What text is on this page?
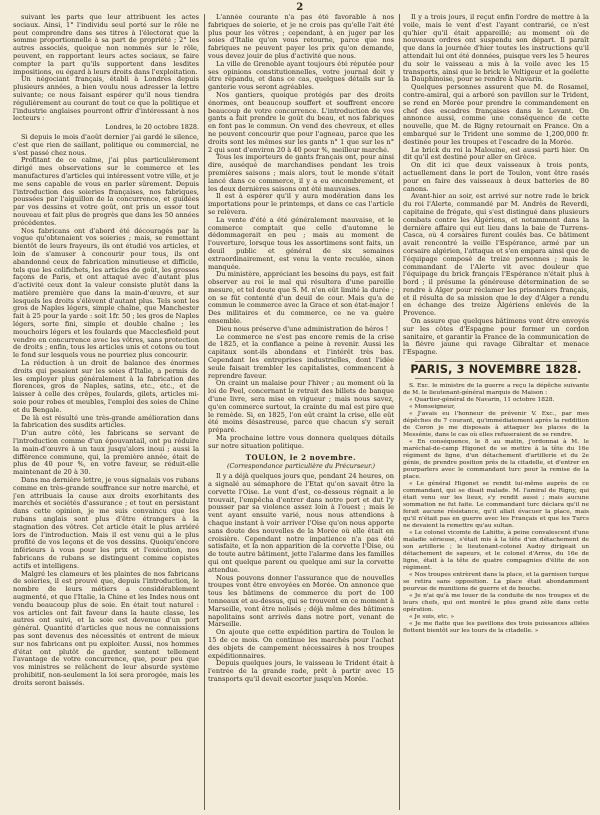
2

suivant les parts que leur attribuent les actes sociaux. Ainsi, 1° l'individu seul porté sur le rôle ne peut comprendre dans ses titres à l'électorat que la somme proportionnelle à sa part de propriété ; 2° les autres associés, quoique non nommés sur le rôle, peuvent, en rapportant leurs actes sociaux, se faire compter la part qu'ils supportent dans lesdites impositions, ou égard à leurs droits dans l'exploitation.

Un négociant français, établi à Londres depuis plusieurs années, a bien voulu nous adresser la lettre suivante; ce nous faisant espérer qu'il nous tiendra régulièrement au courant de tout ce que la politique et l'industrie anglaises pourront offrir d'intéressant à nos lecteurs :

Londres, le 20 octobre 1828.

Si depuis le mois d'août dernier j'ai gardé le silence, c'est que rien de saillant, politique ou commercial, ne s'est passé chez nous.

Profitant de ce calme, j'ai plus particulièrement dirigé mes observations sur le commerce et les manufactures d'articles qui intéressent votre ville, et je me sens capable de vous en parler sûrement. Depuis l'introduction des soieries françaises, nos fabriques, poussées par l'aiguillon de la concurrence, et guidées par vos dessins et votre goût, ont pris un essor tout nouveau et fait plus de progrès que dans les 50 années précédentes.

Nos fabricans ont d'abord été découragés par la vogue qu'obtenaient vos soieries ; mais, se remettant bientôt de leurs frayeurs, ils ont étudié vos articles, et loin de s'amuser à concourir pour tous, ils ont abandonné ceux de fabrication minutieuse et difficile, tels que les colifichets, les articles de goût, les grosses façons de Paris, et ont attaqué avec d'autant plus d'activité ceux dont la valeur consiste plutôt dans la matière première que dans la main-d'œuvre, et sur lesquels les droits s'élèvent d'autant plus. Tels sont les gros de Naples légers, simple chaîne, que Manchester fait à 25 pour la yarde : soit 1fr. 50 ; les gros de Naples légers, sorte fini, simple et double chaîne ; les mouchoirs légers et les foulards que Macclesfield peut vendre en concurrence avec les vôtres, sans protection de droits ; enfin, tous les articles unis et cotons ou tout le fond sur lesquels vous ne pourriez plus concourir.

La réduction à un droit de balance des énormes droits qui pesaient sur les soies d'Italie, a permis de les employer plus généralement à la fabrication des florences, gros de Naples, satins, etc., etc., et de laisser à celle des crêpes, foulards, gilets, articles mi-soie pour robes et meubles, l'emploi des soies de Chine et du Bengale.

De là est résulté une très-grande amélioration dans la fabrication des susdits articles.

D'un autre côté, les fabricans se servant de l'introduction comme d'un épouvantail, ont pu réduire la main-d'œuvre à un taux jusqu'alors inoui ; aussi la différence commune, qui, la première année, était de plus de 40 pour %, en votre faveur, se réduit-elle maintenant de 20 à 30.

Dans ma dernière lettre, je vous signalais vos rubans comme en très-grande souffrance sur notre marché, et j'en attribuais la cause aux droits exorbitants des marchés et sociétés d'assurance ; et tout en persistant dans cette opinion, je me suis convaincu que les rubans anglais sont plus d'être étrangers à la stagnation des vôtres. Cet article était le plus arriéré lors de l'introduction. Mais il est venu qui a le plus profité de vos leçons et de vos dessins. Quoiqu'encore inférieurs à vous pour les prix et l'exécution, nos fabricans de rubans se distinguent comme copistes actifs et intelligens.

Malgré les clameurs et les plaintes de nos fabricans de soieries, il est prouvé que, depuis l'introduction, le nombre de leurs métiers a considérablement augmenté, et que l'Italie, la Chine et les Indes nous ont vendu beaucoup plus de soie. En était tout naturel : vos articles ont fait faveur dans la haute classe, les autres ont suivi, et la soie est devenue d'un port général. Quantité d'articles que nous ne connaissions pas sont devenus des nécessités et entrent de mieux sur nos fabricans ont pu exploiter. Aussi, nos hommes d'état ont plutôt de garder, sentent tellement l'avantage de votre concurrence, que, pour peu que vos ministres se relâchent de leur absurde système prohibitif, non-seulement la loi sera prorogée, mais les droits seront baissés.

L'année courante n'a pas été favorable à nos fabriques de soierie, et je ne crois pas qu'elle l'ait été plus pour les vôtres ; cependant, à en juger par les soies d'Italie qu'on vous retourne, parce que nos fabriques ne peuvent payer les prix qu'on demande, vous devez jouir de plus d'activité que nous.

La ville de Grenoble ayant toujours été réputée pour ses opinions constitutionnelles, votre journal doit y être répandu, et dans ce cas, quelques détails sur la ganterie vous seront agréables.

Nos gantiers, quoique protégés par des droits énormes, ont beaucoup souffert et souffrent encore beaucoup de votre concurrence. L'introduction de vos gants a fait prendre le goût du beau, et nos fabriques en font pas le commun. On vend des chevreux, et elles ne peuvent concourir que pour l'agneau, parce que les droits sont les mêmes sur les gants n° 1 que sur les n° 2 qui sont d'environ 20 à 40 pour %, meilleur marché.

Tous les importeurs de gants français ont, pour ainsi dire, auséqué de marchandises pendant les trois premières saisons ; mais alors, tout le monde s'était lancé dans ce commerce, il y a eu encombrement, et les deux dernières saisons ont été mauvaises.

Il est à espérer qu'il y aura modération dans les importations pour le printemps, et dans ce cas l'article se relèvera.

La vente d'été a été généralement mauvaise, et le commerce comptait que celle d'automne le dédommagerait en peu ; mais au moment de l'ouverture, lorsque tous les assortimens sont faits, un deuil public et général de six semaines extraordinairement, est venu la vente reculée, sinon manquée.

Du ministère, appréciant les besoins du pays, est fait observer au roi le mal qui résultera d'une pareille mesure, et tel doute que S. M. n'en eût limité la durée ; on se fût contenté d'un deuil de cour. Mais qu'a de commun le commerce avec la Grace et son état-major ! Des militaires et du commerce, ce ne va guère ensemble.

Dieu nous préserve d'une administration de héros !

Le commerce ne s'est pas encore remis de la crise de 1825, et la confiance a peine à revenir. Aussi les capitaux sont-ils abondans et l'intérêt très bas. Cependant les entreprises industrielles, dont l'idée seule faisait trembler les capitalistes, commencent à reprendre faveur.

On craint un malaise pour l'hiver ; au moment où la loi de Peel, concernant le retrait des billets de banque d'une livre, sera mise en vigueur ; mais nous savez, qu'en commerce surtout, la crainte du mal est pire que le remède. Si, en 1825, l'on eût craint la crise, elle eût été moins désastreuse, parce que chacun s'y serait préparé.

Ma prochaine lettre vous donnera quelques détails sur notre situation politique.

TOULON, le 2 novembre.

(Correspondance particulière du Précurseur.)

Il y a déjà quelques jours que, pendant 24 heures, on a signalé au sémaphore de l'Etat qu'on savait être la corvette l'Oise. Le vent d'est, ce-dessous régnait a le trouvait, l'empêcha d'entrer dans notre port et dut l'y pousser par sa violence assez loin à l'ouest ; mais le vent ayant ensuite varié, nous nous attendions à chaque instant à voir arriver l'Oise qu'on nous apporte sans doute des nouvelles de la Morée où elle était en croisière. Cependant notre impatience n'a pas été satisfaite, et la non apparition de la corvette l'Oise, ou de toute autre bâtiment, jette l'alarme dans les familles qui ont quelque parent ou quelque ami sur la corvette attendue.

Nous pouvons donner l'assurance que de nouvelles troupes vont être envoyées en Morée. On annonce que tous les bâtimens de commerce du port de 100 tonneaux et au-dessus, qui se trouvent en ce moment à Marseille, vont être nolisés ; déjà même des bâtimens napolitains sont arrivés dans notre port, venant de Marseille.

On ajoute que cette expédition partira de Toulon le 15 de ce mois. On continue les marchés pour l'achat des objets de campement nécessaires à nos troupes expéditionnaires.

Depuis quelques jours, le vaisseau le Trident était à l'entrée de la grande rade, prêt à partir avec 15 transports qu'il devait escorter jusqu'en Morée.

Il y a trois jours, il reçut enfin l'ordre de mettre à la voile, mais le vent d'est l'ayant contrarié, ce n'est qu'hier qu'il était appareillé; au moment où de nouveaux ordres ont suspendu son départ. Il paraît que dans la journée d'hier toutes les instructions qu'il attendait lui ont été données, puisque vers les 5 heures du soir le vaisseau a mis à la voile avec les 15 transports, ainsi que le brick le Voltigeur et la goélette la Dauphinoise, pour se rendre à Navarin.

Quelques personnes assurent que M. de Rosamel, contre-amiral, qui a arboré son pavillon sur le Trident, se rend en Morée pour prendre le commandement en chef des escadres françaises dans le Levant. On annonce aussi, comme une conséquence de cette nouvelle, que M. de Rigny retournait en France. On a embarqué sur le Trident une somme de 1,200,000 fr. destinée pour les troupes et l'escadre de la Morée.

Le brick du roi la Malouine, est aussi parti hier. On dit qu'il est destiné pour aller en Grèce.

On dit ici que deux vaisseaux à trois ponts, actuellement dans le port de Toulon, vont être rasés pour en faire des vaisseaux à deux batteries de 80 canons.

Avant-hier au soir, est arrivé sur notre rade le brick du roi l'Alerte, commandé par M. Andrès de Reverdi, capitaine de frégate, qui s'est distingué dans plusieurs combats contre les Algériens, et notamment dans la dernière affaire qui eut lieu dans la baie de Turrens-Casca, où 4 corsaires furent coulés bas. Ce bâtiment avait rencontré la veille l'Espérance, armé par un corsaire algérien, l'attaqua et s'en empara ainsi que de l'équipage composé de treize personnes ; mais le commandant de l'Alerte vit avec douleur que l'équipage du brick français l'Espérance n'était plus à bord ; il présume la généreuse détermination de se rendre à Alger pour réclamer les prisonniers français, et il résulta de sa mission que le dey d'Alger a rendu en échange des treize Algériens enlevés de la Provence.

On assure que quelques bâtimens vont être envoyés sur les côtes d'Espagne pour former un cordon sanitaire, et garantir la France de la communication de la fièvre jaune qui ravage Gibraltar et menace l'Espagne.

PARIS, 3 NOVEMBRE 1828.

S. Exc. le ministre de la guerre a reçu la dépêche suivante de M. le lieutenant-général marquis de Maison :

« Quartier-général de Navarin, 11 octobre 1828.

« Monseigneur,

« J'avais eu l'honneur de prévenir V. Exc., par mes dépêches du 7 courant, qu'immédiatement après la reddition de Coron je me disposais à attaquer les places de la Messénie, dans le cas où elles refuseraient de se rendre.

« En conséquence, le 8 au matin, j'ordonnai à M. le maréchal-de-camp Higonet de se mettre à la tête du 16e régiment de ligne, d'un détachement d'artillerie et du 2e génie, de prendre position près de la citadelle, et d'entrer en pourparlers avec le commandant turc pour la remise de la place.

« Le général Higonet se rendit lui-même auprès de ce commandant, qui se disait malade. M. l'amiral de Rigny, qui était venu sur les lieux, s'y rendit aussi ; mais aucune sommation ne fut faite. Le commandant turc déclara qu'il ne ferait aucune résistance, qu'il allait évacuer la place, mais qu'il n'était pas en guerre avec les Français et que les Turcs ne devaient la remettre qu'au sultan.

« Le colonel vicomte de Lahitte, à peine convalescent d'une maladie sérieuse, s'était mis à la tête d'un détachement de son artillerie ; le lieutenant-colonel Audoy dirigeait un détachement de sapeurs, et le colonel d'Arros, du 16e de ligne, était à la tête de quatre compagnies d'élite de son régiment.

« Nos troupes entrèrent dans la place, et la garnison turque se retira sans opposition. La place était abondamment pourvue de munitions de guerre et de bouche.

« Je n'ai qu'à me louer de la conduite de nos troupes et de leurs chefs, qui ont montré le plus grand zèle dans cette opération.

« Je suis, etc. »

« Je me flatte que les pavillons des trois puissances alliées flottent bientôt sur les tours de la citadelle. »
